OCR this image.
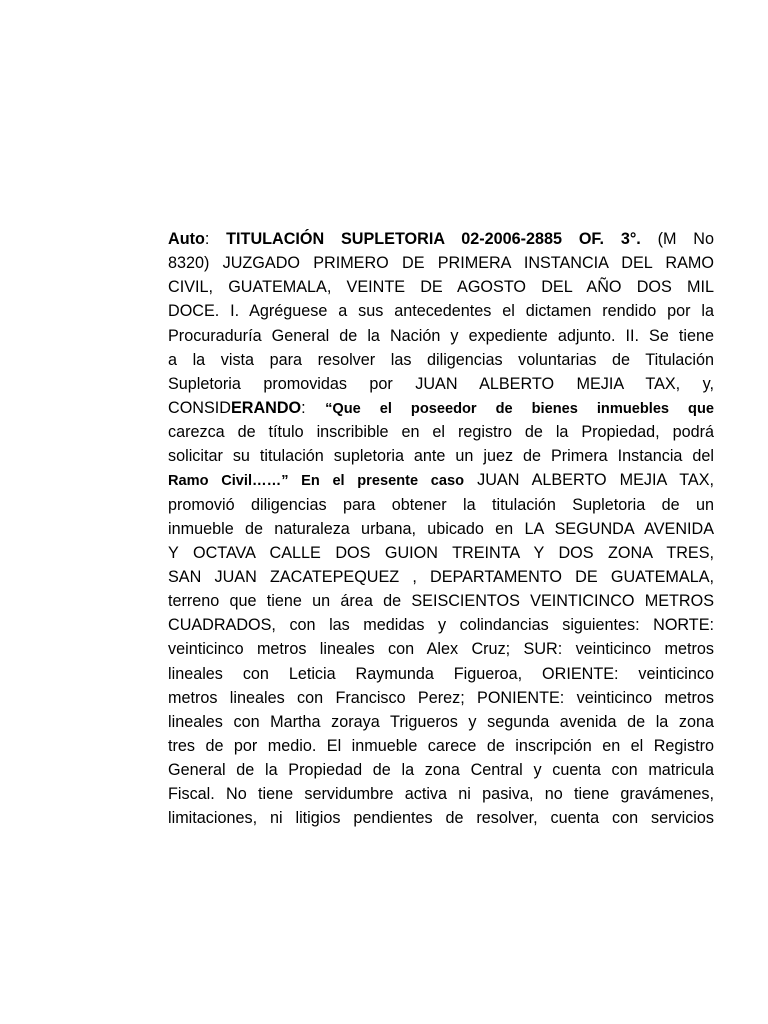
Auto: TITULACIÓN SUPLETORIA 02-2006-2885 OF. 3°. (M No
8320) JUZGADO PRIMERO DE PRIMERA INSTANCIA DEL RAMO
CIVIL, GUATEMALA, VEINTE DE AGOSTO DEL AÑO DOS MIL
DOCE. I. Agréguese a sus antecedentes el dictamen rendido por la
Procuraduría General de la Nación y expediente adjunto. II. Se tiene
a la vista para resolver las diligencias voluntarias de Titulación
Supletoria promovidas por JUAN ALBERTO MEJIA TAX, y,
CONSIDERANDO: “Que el poseedor de bienes inmuebles que
carezca de título inscribible en el registro de la Propiedad, podrá
solicitar su titulación supletoria ante un juez de Primera Instancia del
Ramo Civil……” En el presente caso JUAN ALBERTO MEJIA TAX,
promovió diligencias para obtener la titulación Supletoria de un
inmueble de naturaleza urbana, ubicado en LA SEGUNDA AVENIDA
Y OCTAVA CALLE DOS GUION TREINTA Y DOS ZONA TRES,
SAN JUAN ZACATEPEQUEZ , DEPARTAMENTO DE GUATEMALA,
terreno que tiene un área de SEISCIENTOS VEINTICINCO METROS
CUADRADOS, con las medidas y colindancias siguientes: NORTE:
veinticinco metros lineales con Alex Cruz; SUR: veinticinco metros
lineales con Leticia Raymunda Figueroa, ORIENTE: veinticinco
metros lineales con Francisco Perez; PONIENTE: veinticinco metros
lineales con Martha zoraya Trigueros y segunda avenida de la zona
tres de por medio. El inmueble carece de inscripción en el Registro
General de la Propiedad de la zona Central y cuenta con matricula
Fiscal. No tiene servidumbre activa ni pasiva, no tiene gravámenes,
limitaciones, ni litigios pendientes de resolver, cuenta con servicios
